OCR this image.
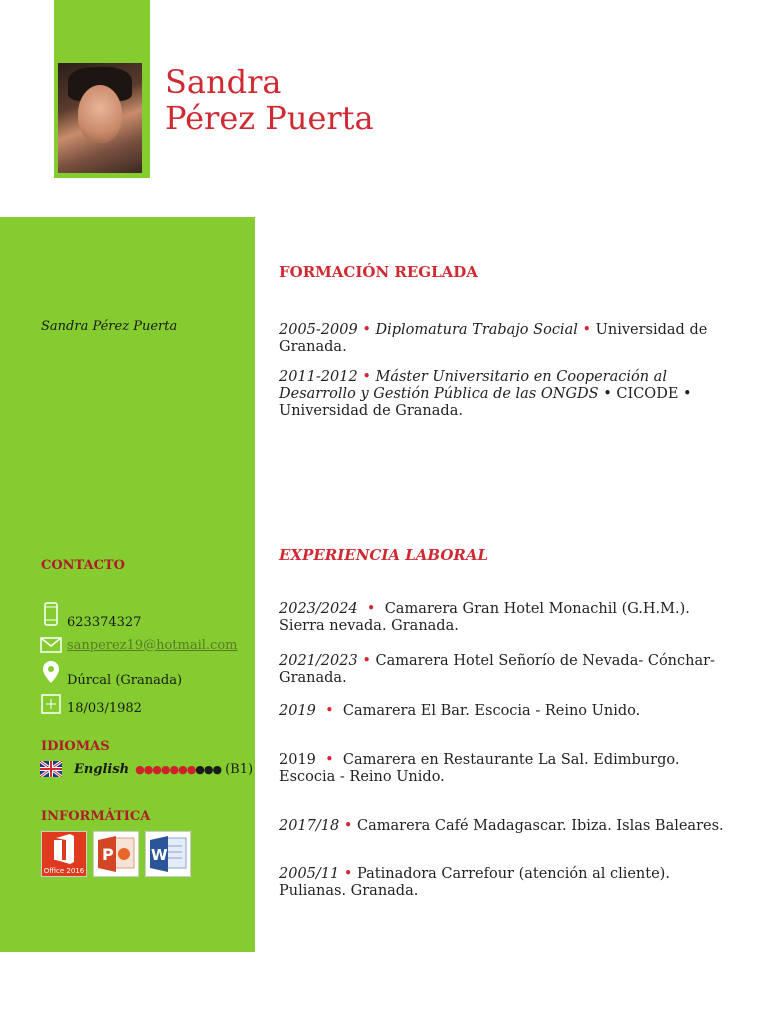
Sandra
Pérez Puerta
Sandra Pérez Puerta
CONTACTO
623374327
sanperez19@hotmail.com
Dúrcal (Granada)
18/03/1982
IDIOMAS
English ●●●●●●●●●● (B1)
INFORMÁTICA
Office 2016
P W
FORMACIÓN REGLADA
2005-2009 • Diplomatura Trabajo Social • Universidad de Granada.
2011-2012 • Máster Universitario en Cooperación al Desarrollo y Gestión Pública de las ONGDS • CICODE • Universidad de Granada.
EXPERIENCIA LABORAL
2023/2024  •  Camarera Gran Hotel Monachil (G.H.M.). Sierra nevada. Granada.
2021/2023 • Camarera Hotel Señorío de Nevada- Cónchar-Granada.
2019  •  Camarera El Bar. Escocia - Reino Unido.
2019  •  Camarera en Restaurante La Sal. Edimburgo. Escocia - Reino Unido.
2017/18 • Camarera Café Madagascar. Ibiza. Islas Baleares.
2005/11 • Patinadora Carrefour (atención al cliente). Pulianas. Granada.
